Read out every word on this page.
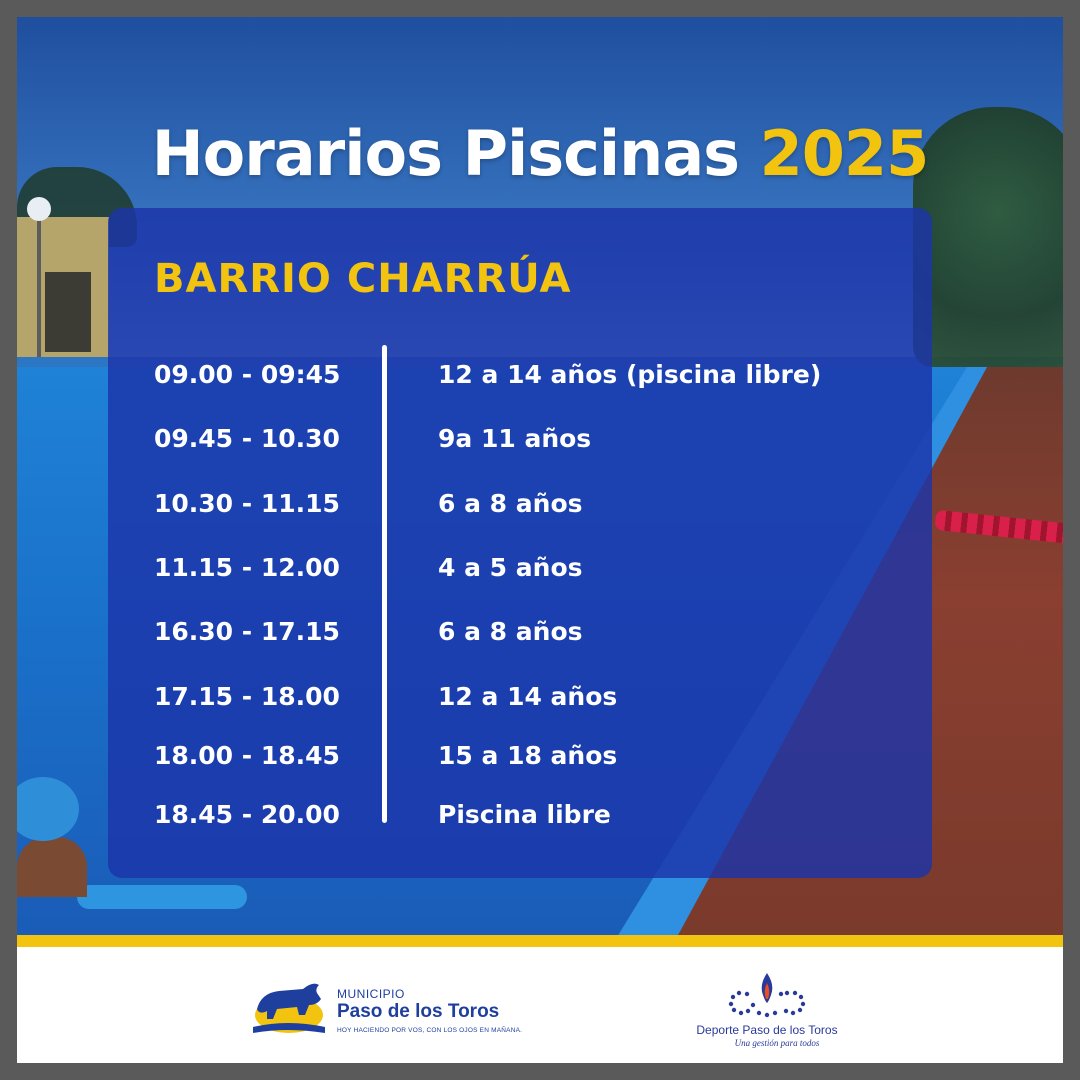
Horarios Piscinas 2025
BARRIO CHARRÚA
09.00 - 09:45	12 a 14 años (piscina libre)
09.45 - 10.30	9a 11 años
10.30 - 11.15	6 a 8 años
11.15 - 12.00	4 a 5 años
16.30 - 17.15	6 a 8 años
17.15 - 18.00	12 a 14 años
18.00 - 18.45	15 a 18 años
18.45 - 20.00	Piscina libre
MUNICIPIO
Paso de los Toros
HOY HACIENDO POR VOS, CON LOS OJOS EN MAÑANA.	Deporte Paso de los Toros
Una gestión para todos
